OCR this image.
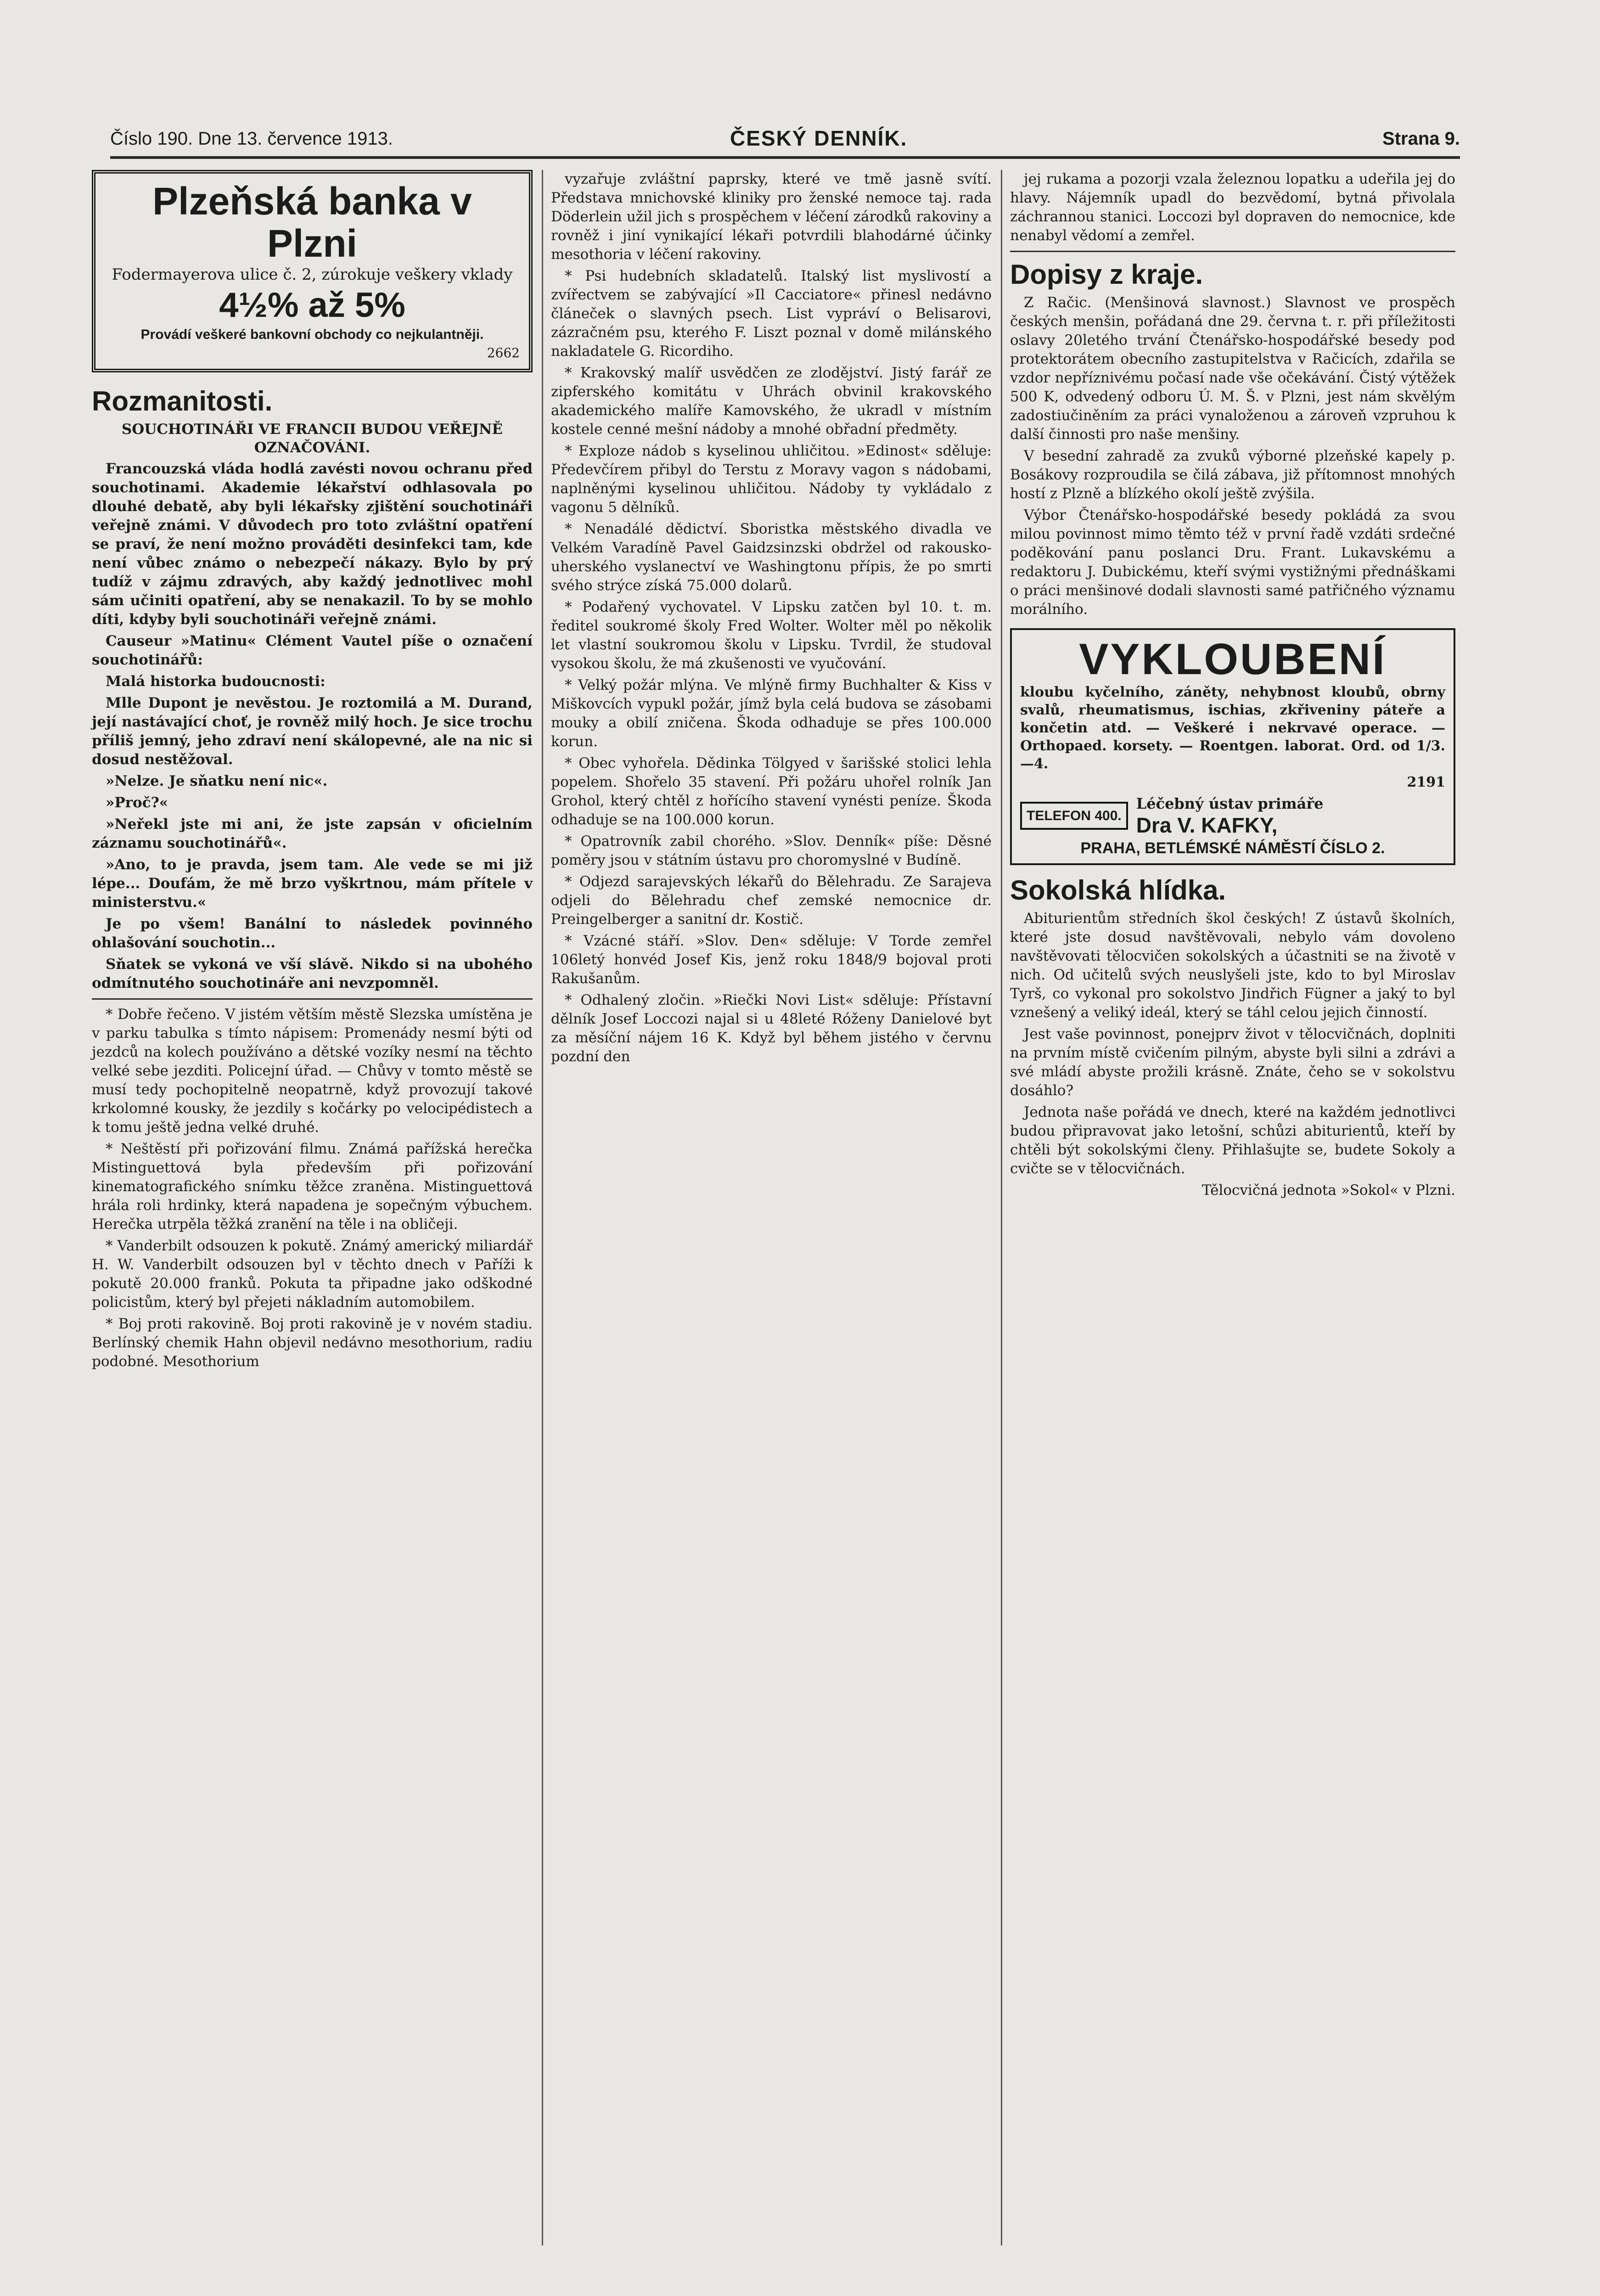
Číslo 190. Dne 13. července 1913.	ČESKÝ DENNÍK.	Strana 9.
Plzeňská banka v Plzni
Fodermayerova ulice č. 2, zúrokuje veškery vklady
4½% až 5%
Provádí veškeré bankovní obchody co nejkulantněji.
2662
Rozmanitosti.
SOUCHOTINÁŘI VE FRANCII BUDOU VEŘEJNĚ OZNAČOVÁNI.

Francouzská vláda hodlá zavésti novou ochranu před souchotinami. Akademie lékařství odhlasovala po dlouhé debatě, aby byli lékařsky zjištění souchotináři veřejně známi. V důvodech pro toto zvláštní opatření se praví, že není možno prováděti desinfekci tam, kde není vůbec známo o nebezpečí nákazy. Bylo by prý tudíž v zájmu zdravých, aby každý jednotlivec mohl sám učiniti opatření, aby se nenakazil. To by se mohlo díti, kdyby byli souchotináři veřejně známi.

Causeur »Matinu« Clément Vautel píše o označení souchotinářů:

Malá historka budoucnosti:

Mlle Dupont je nevěstou. Je roztomilá a M. Durand, její nastávající choť, je rovněž milý hoch. Je sice trochu příliš jemný, jeho zdraví není skálopevné, ale na nic si dosud nestěžoval.

»Nelze. Je sňatku není nic«.

»Proč?«

»Neřekl jste mi ani, že jste zapsán v oficielním záznamu souchotinářů«.

»Ano, to je pravda, jsem tam. Ale vede se mi již lépe... Doufám, že mě brzo vyškrtnou, mám přítele v ministerstvu.«

Je po všem! Banální to následek povinného ohlašování souchotin...

Sňatek se vykoná ve vší slávě. Nikdo si na ubohého odmítnutého souchotináře ani nevzpomněl.

* Dobře řečeno. V jistém větším městě Slezska umístěna je v parku tabulka s tímto nápisem: Promenády nesmí býti od jezdců na kolech používáno a dětské vozíky nesmí na těchto velké sebe jezditi. Policejní úřad. — Chůvy v tomto městě se musí tedy pochopitelně neopatrně, když provozují takové krkolomné kousky, že jezdily s kočárky po velocipédistech a k tomu ještě jedna velké druhé.

* Neštěstí při pořizování filmu. Známá pařížská herečka Mistinguettová byla především při pořizování kinematografického snímku těžce zraněna. Mistinguettová hrála roli hrdinky, která napadena je sopečným výbuchem. Herečka utrpěla těžká zranění na těle i na obličeji.

* Vanderbilt odsouzen k pokutě. Známý americký miliardář H. W. Vanderbilt odsouzen byl v těchto dnech v Paříži k pokutě 20.000 franků. Pokuta ta připadne jako odškodné policistům, který byl přejeti nákladním automobilem.

* Boj proti rakovině. Boj proti rakovině je v novém stadiu. Berlínský chemik Hahn objevil nedávno mesothorium, radiu podobné. Mesothorium

vyzařuje zvláštní paprsky, které ve tmě jasně svítí. Představa mnichovské kliniky pro ženské nemoce taj. rada Döderlein užil jich s prospěchem v léčení zárodků rakoviny a rovněž i jiní vynikající lékaři potvrdili blahodárné účinky mesothoria v léčení rakoviny.

* Psi hudebních skladatelů. Italský list myslivostí a zvířectvem se zabývající »Il Cacciatore« přinesl nedávno článeček o slavných psech. List vypráví o Belisarovi, zázračném psu, kterého F. Liszt poznal v domě milánského nakladatele G. Ricordiho.

* Krakovský malíř usvědčen ze zlodějství. Jistý farář ze zipferského komitátu v Uhrách obvinil krakovského akademického malíře Kamovského, že ukradl v místním kostele cenné mešní nádoby a mnohé obřadní předměty.

* Exploze nádob s kyselinou uhličitou. »Edinost« sděluje: Předevčírem přibyl do Terstu z Moravy vagon s nádobami, naplněnými kyselinou uhličitou. Nádoby ty vykládalo z vagonu 5 dělníků.

* Nenadálé dědictví. Sboristka městského divadla ve Velkém Varadíně Pavel Gaidzsinzski obdržel od rakousko-uherského vyslanectví ve Washingtonu přípis, že po smrti svého strýce získá 75.000 dolarů.

* Podařený vychovatel. V Lipsku zatčen byl 10. t. m. ředitel soukromé školy Fred Wolter. Wolter měl po několik let vlastní soukromou školu v Lipsku. Tvrdil, že studoval vysokou školu, že má zkušenosti ve vyučování.

* Velký požár mlýna. Ve mlýně firmy Buchhalter & Kiss v Miškovcích vypukl požár, jímž byla celá budova se zásobami mouky a obilí zničena. Škoda odhaduje se přes 100.000 korun.

* Obec vyhořela. Dědinka Tölgyed v šarišské stolici lehla popelem. Shořelo 35 stavení. Při požáru uhořel rolník Jan Grohol, který chtěl z hořícího stavení vynésti peníze. Škoda odhaduje se na 100.000 korun.

* Opatrovník zabil chorého. »Slov. Denník« píše: Děsné poměry jsou v státním ústavu pro choromyslné v Budíně.

* Odjezd sarajevských lékařů do Bělehradu. Ze Sarajeva odjeli do Bělehradu chef zemské nemocnice dr. Preingelberger a sanitní dr. Kostič.

* Vzácné stáří. »Slov. Den« sděluje: V Torde zemřel 106letý honvéd Josef Kis, jenž roku 1848/9 bojoval proti Rakušanům.

* Odhalený zločin. »Riečki Novi List« sděluje: Přístavní dělník Josef Loccozi najal si u 48leté Róženy Danielové byt za měsíční nájem 16 K. Když byl během jistého v červnu pozdní den

jej rukama a pozorji vzala železnou lopatku a udeřila jej do hlavy. Nájemník upadl do bezvědomí, bytná přivolala záchrannou stanici. Loccozi byl dopraven do nemocnice, kde nenabyl vědomí a zemřel.

Dopisy z kraje.

Z Račic. (Menšinová slavnost.) Slavnost ve prospěch českých menšin, pořádaná dne 29. června t. r. při příležitosti oslavy 20letého trvání Čtenářsko-hospodářské besedy pod protektorátem obecního zastupitelstva v Račicích, zdařila se vzdor nepříznivému počasí nade vše očekávání. Čistý výtěžek 500 K, odvedený odboru Ú. M. Š. v Plzni, jest nám skvělým zadostiučiněním za práci vynaloženou a zároveň vzpruhou k další činnosti pro naše menšiny.

V besední zahradě za zvuků výborné plzeňské kapely p. Bosákovy rozproudila se čilá zábava, již přítomnost mnohých hostí z Plzně a blízkého okolí ještě zvýšila.

Výbor Čtenářsko-hospodářské besedy pokládá za svou milou povinnost mimo těmto též v první řadě vzdáti srdečné poděkování panu poslanci Dru. Frant. Lukavskému a redaktoru J. Dubickému, kteří svými vystižnými přednáškami o práci menšinové dodali slavnosti samé patřičného významu morálního.

VYKLOUBENÍ
kloubu kyčelního, záněty, nehybnost kloubů, obrny svalů, rheumatismus, ischias, zkřiveniny páteře a končetin atd. — Veškeré i nekrvavé operace. — Orthopaed. korsety. — Roentgen. laborat. Ord. od 1/3.—4.
2191
TELEFON 400.
Léčebný ústav primáře
Dra V. KAFKY,
PRAHA, BETLÉMSKÉ NÁMĚSTÍ ČÍSLO 2.
Sokolská hlídka.

Abiturientům středních škol českých! Z ústavů školních, které jste dosud navštěvovali, nebylo vám dovoleno navštěvovati tělocvičen sokolských a účastniti se na životě v nich. Od učitelů svých neuslyšeli jste, kdo to byl Miroslav Tyrš, co vykonal pro sokolstvo Jindřich Fügner a jaký to byl vznešený a veliký ideál, který se táhl celou jejich činností.

Jest vaše povinnost, ponejprv život v tělocvičnách, doplniti na prvním místě cvičením pilným, abyste byli silni a zdrávi a své mládí abyste prožili krásně. Znáte, čeho se v sokolstvu dosáhlo?

Jednota naše pořádá ve dnech, které na každém jednotlivci budou připravovat jako letošní, schůzi abiturientů, kteří by chtěli být sokolskými členy. Přihlašujte se, budete Sokoly a cvičte se v tělocvičnách.

Tělocvičná jednota »Sokol« v Plzni.
